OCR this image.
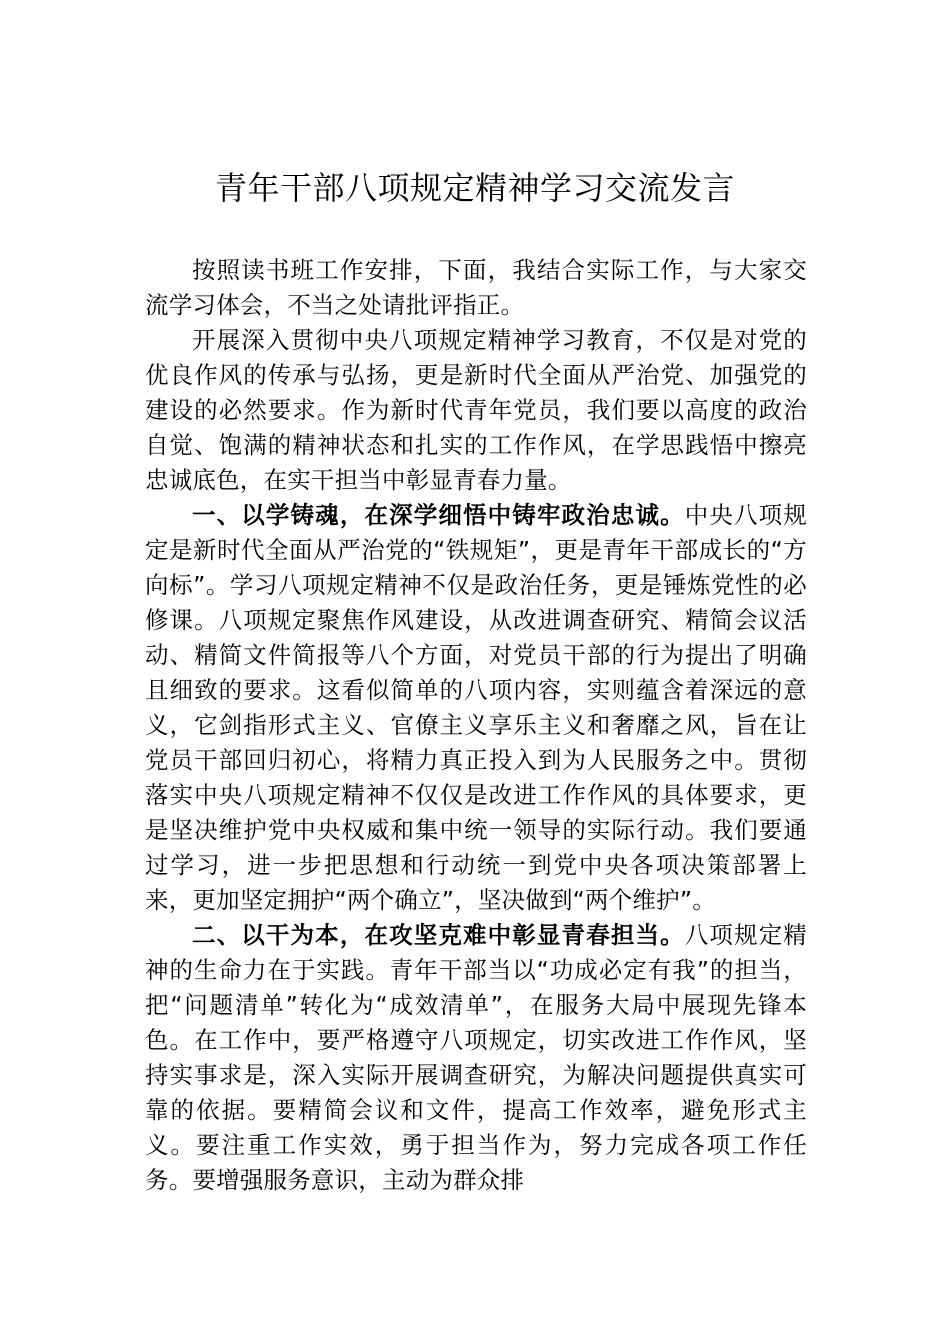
青年干部八项规定精神学习交流发言

按照读书班工作安排，下面，我结合实际工作，与大家交流学习体会，不当之处请批评指正。

开展深入贯彻中央八项规定精神学习教育，不仅是对党的优良作风的传承与弘扬，更是新时代全面从严治党、加强党的建设的必然要求。作为新时代青年党员，我们要以高度的政治自觉、饱满的精神状态和扎实的工作作风，在学思践悟中擦亮忠诚底色，在实干担当中彰显青春力量。

一、以学铸魂，在深学细悟中铸牢政治忠诚。中央八项规定是新时代全面从严治党的“铁规矩”，更是青年干部成长的“方向标”。学习八项规定精神不仅是政治任务，更是锤炼党性的必修课。八项规定聚焦作风建设，从改进调查研究、精简会议活动、精简文件简报等八个方面，对党员干部的行为提出了明确且细致的要求。这看似简单的八项内容，实则蕴含着深远的意义，它剑指形式主义、官僚主义享乐主义和奢靡之风，旨在让党员干部回归初心，将精力真正投入到为人民服务之中。贯彻落实中央八项规定精神不仅仅是改进工作作风的具体要求，更是坚决维护党中央权威和集中统一领导的实际行动。我们要通过学习，进一步把思想和行动统一到党中央各项决策部署上来，更加坚定拥护“两个确立”，坚决做到“两个维护”。

二、以干为本，在攻坚克难中彰显青春担当。八项规定精神的生命力在于实践。青年干部当以“功成必定有我”的担当，把“问题清单”转化为“成效清单”，在服务大局中展现先锋本色。在工作中，要严格遵守八项规定，切实改进工作作风，坚持实事求是，深入实际开展调查研究，为解决问题提供真实可靠的依据。要精简会议和文件，提高工作效率，避免形式主义。要注重工作实效，勇于担当作为，努力完成各项工作任务。要增强服务意识，主动为群众排
